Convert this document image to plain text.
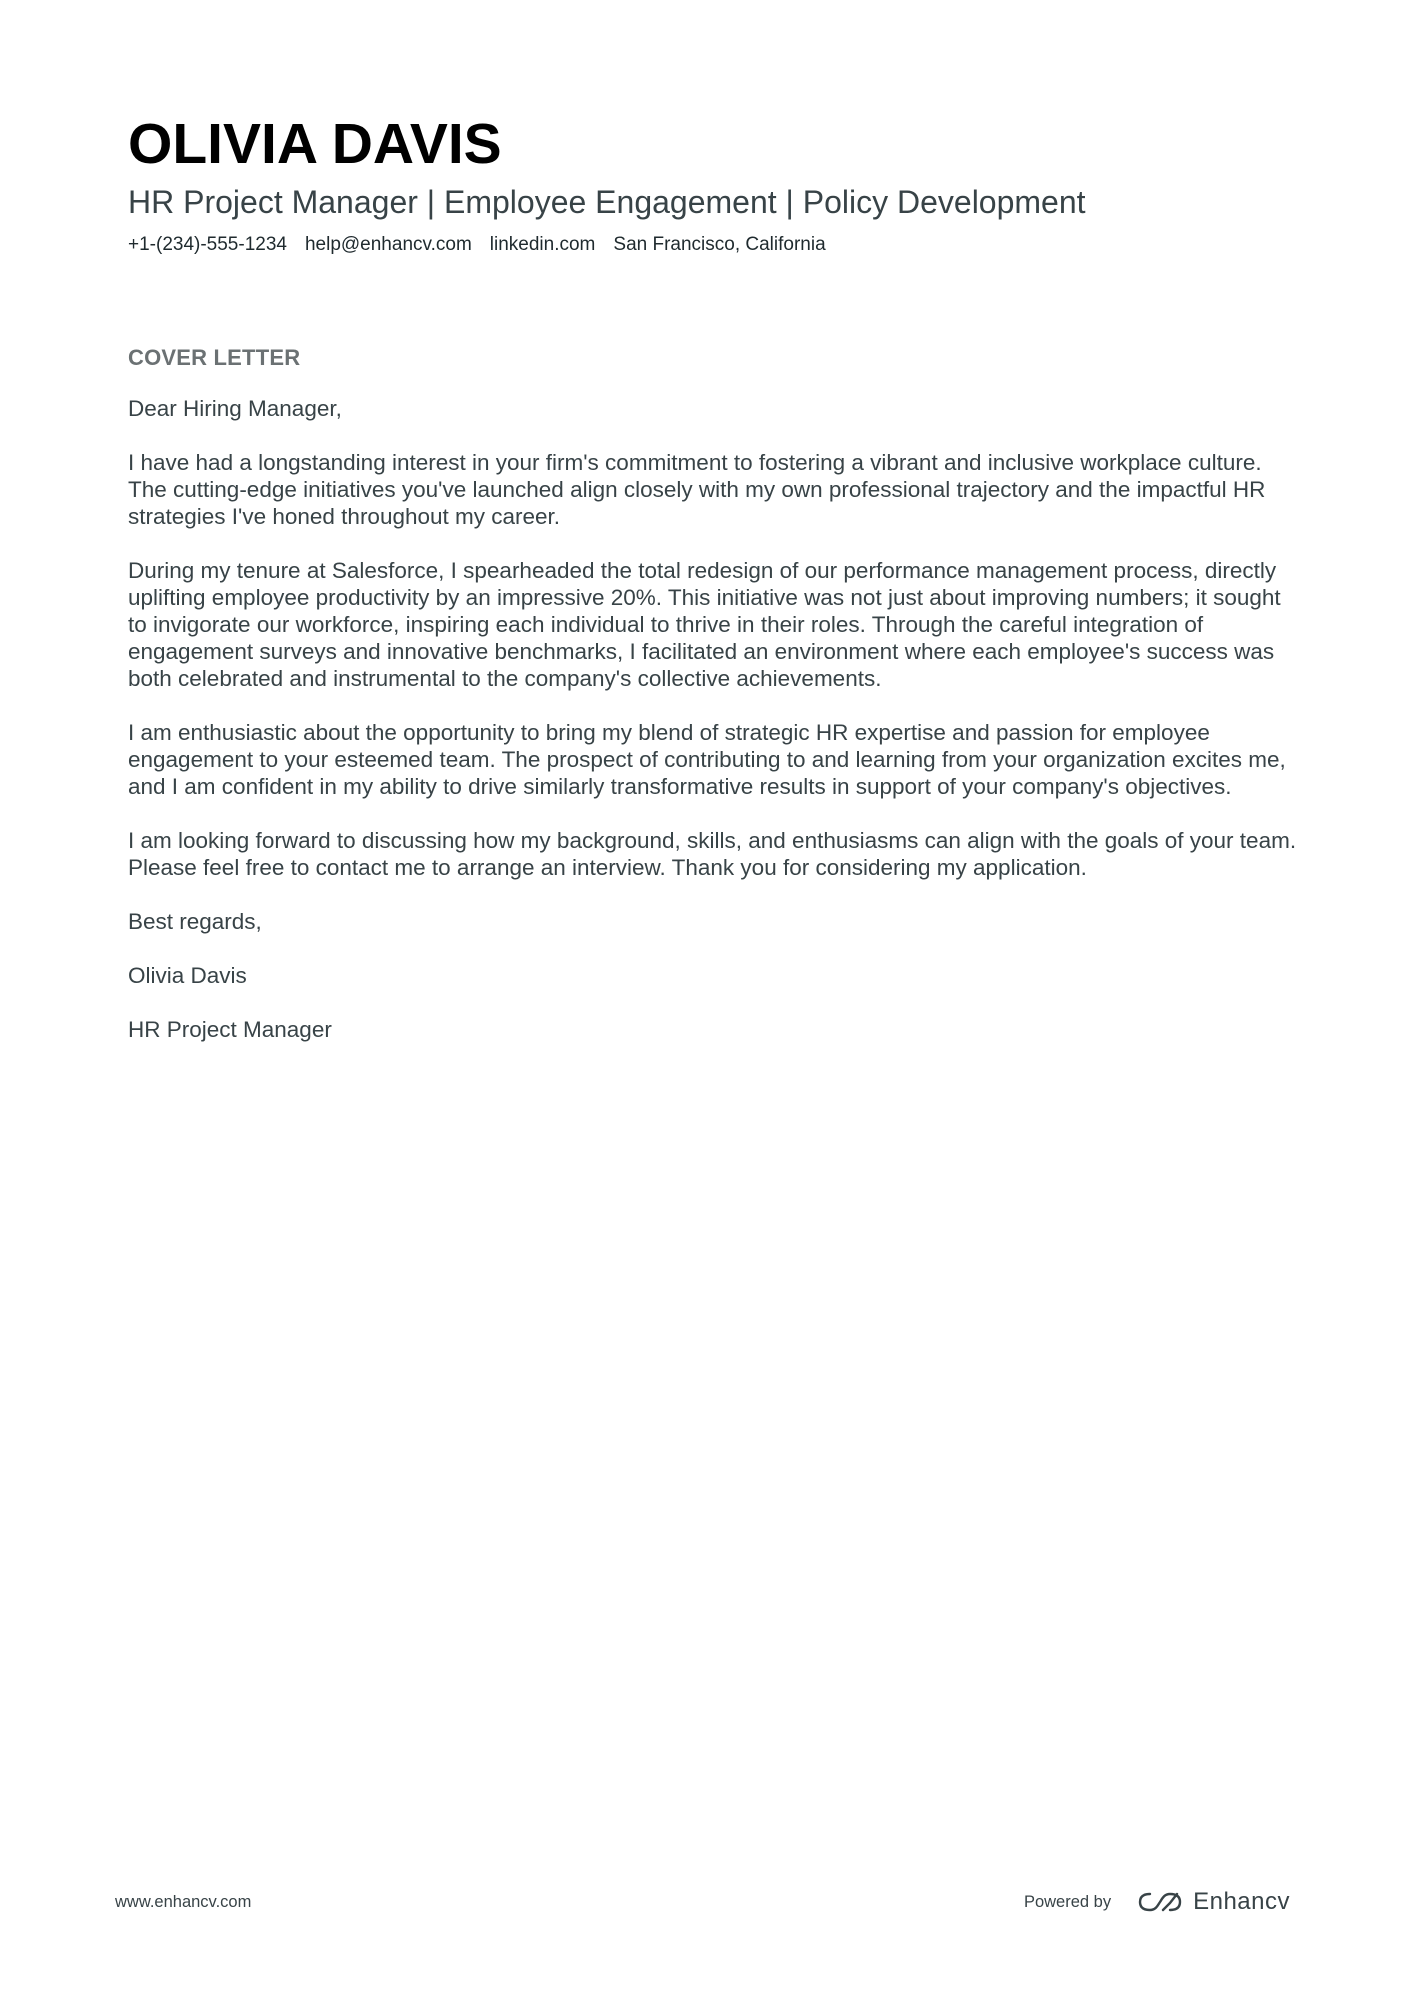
OLIVIA DAVIS
HR Project Manager | Employee Engagement | Policy Development
+1-(234)-555-1234 help@enhancv.com linkedin.com San Francisco, California
COVER LETTER
Dear Hiring Manager,

I have had a longstanding interest in your firm's commitment to fostering a vibrant and inclusive workplace culture. The cutting-edge initiatives you've launched align closely with my own professional trajectory and the impactful HR strategies I've honed throughout my career.

During my tenure at Salesforce, I spearheaded the total redesign of our performance management process, directly uplifting employee productivity by an impressive 20%. This initiative was not just about improving numbers; it sought to invigorate our workforce, inspiring each individual to thrive in their roles. Through the careful integration of engagement surveys and innovative benchmarks, I facilitated an environment where each employee's success was both celebrated and instrumental to the company's collective achievements.

I am enthusiastic about the opportunity to bring my blend of strategic HR expertise and passion for employee engagement to your esteemed team. The prospect of contributing to and learning from your organization excites me, and I am confident in my ability to drive similarly transformative results in support of your company's objectives.

I am looking forward to discussing how my background, skills, and enthusiasms can align with the goals of your team. Please feel free to contact me to arrange an interview. Thank you for considering my application.

Best regards,

Olivia Davis

HR Project Manager

www.enhancv.com	Powered by	Enhancv
